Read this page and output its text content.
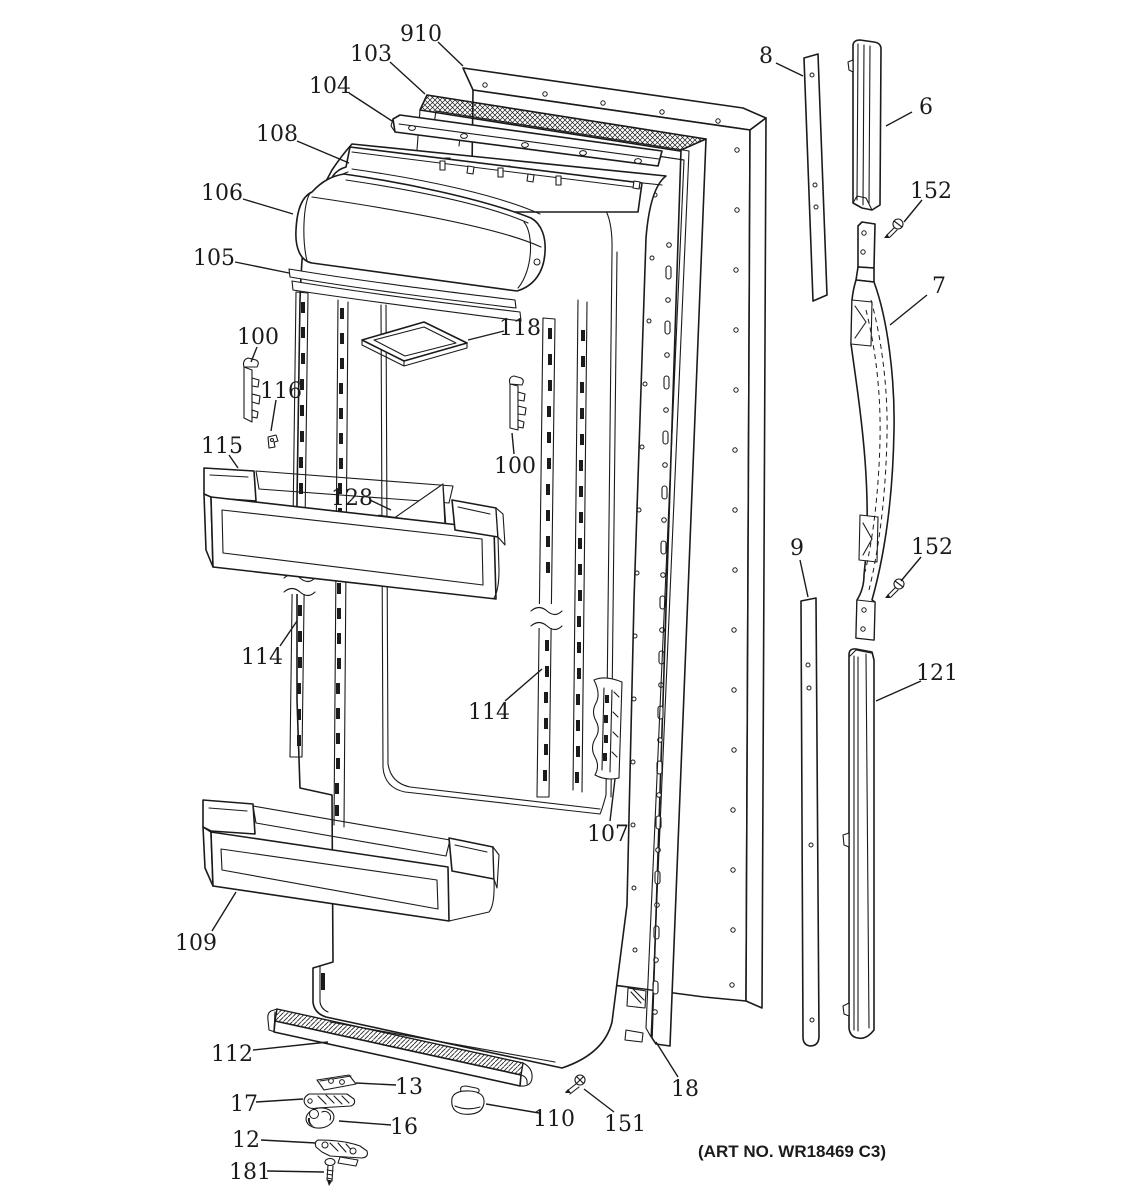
910
103
104
108
106
105
118
100
116
115
128
100
114
114
107
109
112
13
17
16	110 151
12
181
18
8
6
152
7
9	152
121
(ART NO. WR18469 C3)
